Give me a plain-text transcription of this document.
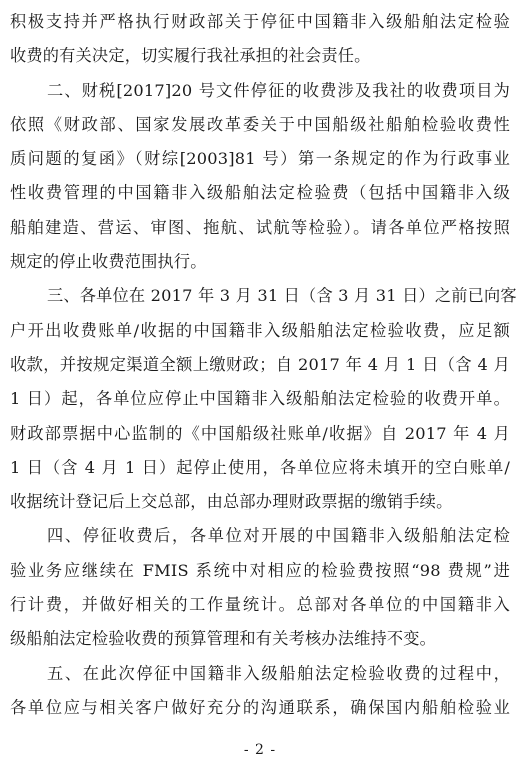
积极支持并严格执行财政部关于停征中国籍非入级船舶法定检验
收费的有关决定，切实履行我社承担的社会责任。
二、财税[2017]20 号文件停征的收费涉及我社的收费项目为
依照《财政部、国家发展改革委关于中国船级社船舶检验收费性
质问题的复函》（财综[2003]81 号）第一条规定的作为行政事业
性收费管理的中国籍非入级船舶法定检验费（包括中国籍非入级
船舶建造、营运、审图、拖航、试航等检验）。请各单位严格按照
规定的停止收费范围执行。
三、各单位在 2017 年 3 月 31 日（含 3 月 31 日）之前已向客
户开出收费账单/收据的中国籍非入级船舶法定检验收费，应足额
收款，并按规定渠道全额上缴财政；自 2017 年 4 月 1 日（含 4 月
1 日）起，各单位应停止中国籍非入级船舶法定检验的收费开单。
财政部票据中心监制的《中国船级社账单/收据》自 2017 年 4 月
1 日（含 4 月 1 日）起停止使用，各单位应将未填开的空白账单/
收据统计登记后上交总部，由总部办理财政票据的缴销手续。
四、停征收费后，各单位对开展的中国籍非入级船舶法定检
验业务应继续在 FMIS 系统中对相应的检验费按照“98 费规”进
行计费，并做好相关的工作量统计。总部对各单位的中国籍非入
级船舶法定检验收费的预算管理和有关考核办法维持不变。
五、在此次停征中国籍非入级船舶法定检验收费的过程中，
各单位应与相关客户做好充分的沟通联系，确保国内船舶检验业
- 2 -
